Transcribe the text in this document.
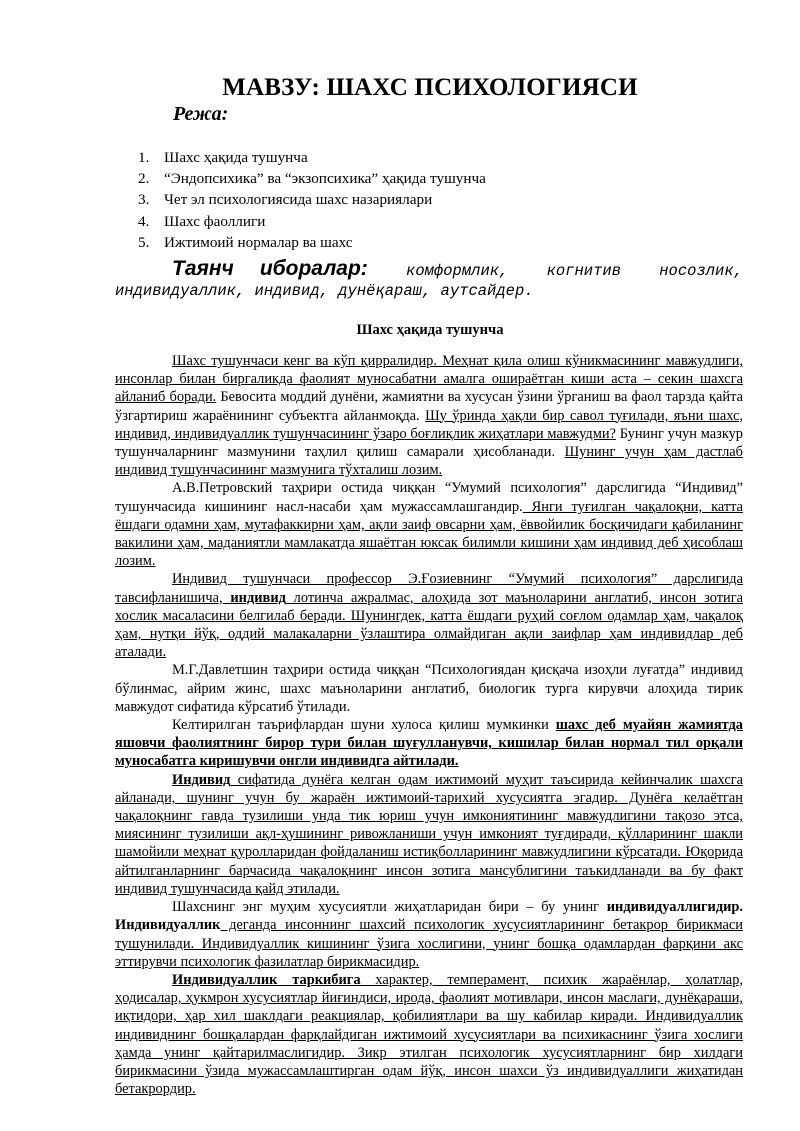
МАВЗУ: ШАХС ПСИХОЛОГИЯСИ
Режа:
1. Шахс ҳақида тушунча
2. “Эндопсихика” ва “экзопсихика” ҳақида тушунча
3. Чет эл психологиясида шахс назариялари
4. Шахс фаоллиги
5. Ижтимоий нормалар ва шахс
Таянч иборалар: комформлик, когнитив носозлик,
индивидуаллик, индивид, дунёқараш, аутсайдер.
Шахс ҳақида тушунча

Шахс тушунчаси кенг ва кўп қирралидир. Меҳнат қила олиш кўникмасининг мавжудлиги, инсонлар билан биргаликда фаолият муносабатни амалга ошираётган киши аста – секин шахсга айланиб боради. Бевосита моддий дунёни, жамиятни ва хусусан ўзини ўрганиш ва фаол тарзда қайта ўзгартириш жараёнининг субъектга айланмоқда. Шу ўринда ҳақли бир савол туғилади, яъни шахс, индивид, индивидуаллик тушунчасининг ўзаро боғлиқлик жиҳатлари мавжудми? Бунинг учун мазкур тушунчаларнинг мазмунини таҳлил қилиш самарали ҳисобланади. Шунинг учун ҳам дастлаб индивид тушунчасининг мазмунига тўхталиш лозим.

А.В.Петровский таҳрири остида чиққан “Умумий психология” дарслигида “Индивид” тушунчасида кишининг насл-насаби ҳам мужассамлашгандир. Янги туғилган чақалоқни, катта ёшдаги одамни ҳам, мутафаккирни ҳам, ақли заиф овсарни ҳам, ёввойилик босқичидаги қабиланинг вакилини ҳам, маданиятли мамлакатда яшаётган юксак билимли кишини ҳам индивид деб ҳисоблаш лозим.

Индивид тушунчаси профессор Э.Ғозиевнинг “Умумий психология” дарслигида тавсифланишича, индивид лотинча ажралмас, алоҳида зот маъноларини англатиб, инсон зотига хослик масаласини белгилаб беради. Шунингдек, катта ёшдаги руҳий соғлом одамлар ҳам, чақалоқ ҳам, нутқи йўқ, оддий малакаларни ўзлаштира олмайдиган ақли заифлар ҳам индивидлар деб аталади.

М.Г.Давлетшин таҳрири остида чиққан “Психологиядан қисқача изоҳли луғатда” индивид бўлинмас, айрим жинс, шахс маъноларини англатиб, биологик турга кирувчи алоҳида тирик мавжудот сифатида кўрсатиб ўтилади.

Келтирилган таърифлардан шуни хулоса қилиш мумкинки шахс деб муайян жамиятда яшовчи фаолиятнинг бирор тури билан шуғулланувчи, кишилар билан нормал тил орқали муносабатга киришувчи онгли индивидга айтилади.

Индивид сифатида дунёга келган одам ижтимоий муҳит таъсирида кейинчалик шахсга айланади, шунинг учун бу жараён ижтимоий-тарихий хусусиятга эгадир. Дунёга келаётган чақалоқнинг гавда тузилиши унда тик юриш учун имкониятининг мавжудлигини тақозо этса, миясининг тузилиши ақл-ҳушининг ривожланиши учун имконият туғдиради, қўлларининг шакли шамойили меҳнат қуролларидан фойдаланиш истиқболларининг мавжудлигини кўрсатади. Юқорида айтилганларнинг барчасида чақалоқнинг инсон зотига мансублигини таъкидланади ва бу факт индивид тушунчасида қайд этилади.

Шахснинг энг муҳим хусусиятли жиҳатларидан бири – бу унинг индивидуаллигидир. Индивидуаллик деганда инсоннинг шахсий психологик хусусиятларининг бетакрор бирикмаси тушунилади. Индивидуаллик кишининг ўзига хослигини, унинг бошқа одамлардан фарқини акс эттирувчи психологик фазилатлар бирикмасидир.

Индивидуаллик таркибига характер, темперамент, психик жараёнлар, ҳолатлар, ҳодисалар, ҳукмрон хусусиятлар йиғиндиси, ирода, фаолият мотивлари, инсон маслаги, дунёқараши, иқтидори, ҳар хил шаклдаги реакциялар, қобилиятлари ва шу кабилар киради. Индивидуаллик индивиднинг бошқалардан фарқлайдиган ижтимоий хусусиятлари ва психикаснинг ўзига хослиги ҳамда унинг қайтарилмаслигидир. Зикр этилган психологик хусусиятларнинг бир хилдаги бирикмасини ўзида мужассамлаштирган одам йўқ, инсон шахси ўз индивидуаллиги жиҳатидан бетакрордир.
